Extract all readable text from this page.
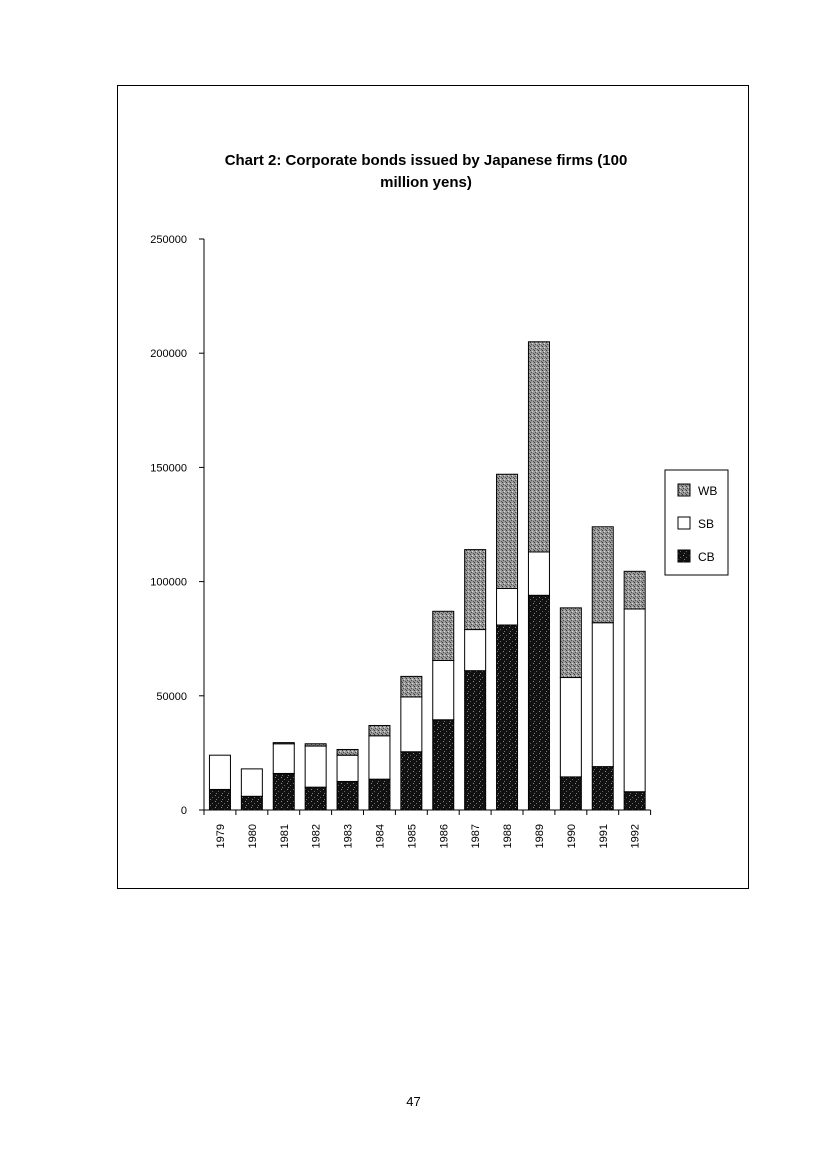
Chart 2: Corporate bonds issued by Japanese firms (100
million yens)
0
50000
100000
150000
200000
250000
1979 1980 1981 1982 1983 1984 1985 1986 1987 1988 1989 1990 1991 1992
WB
SB
CB
47
